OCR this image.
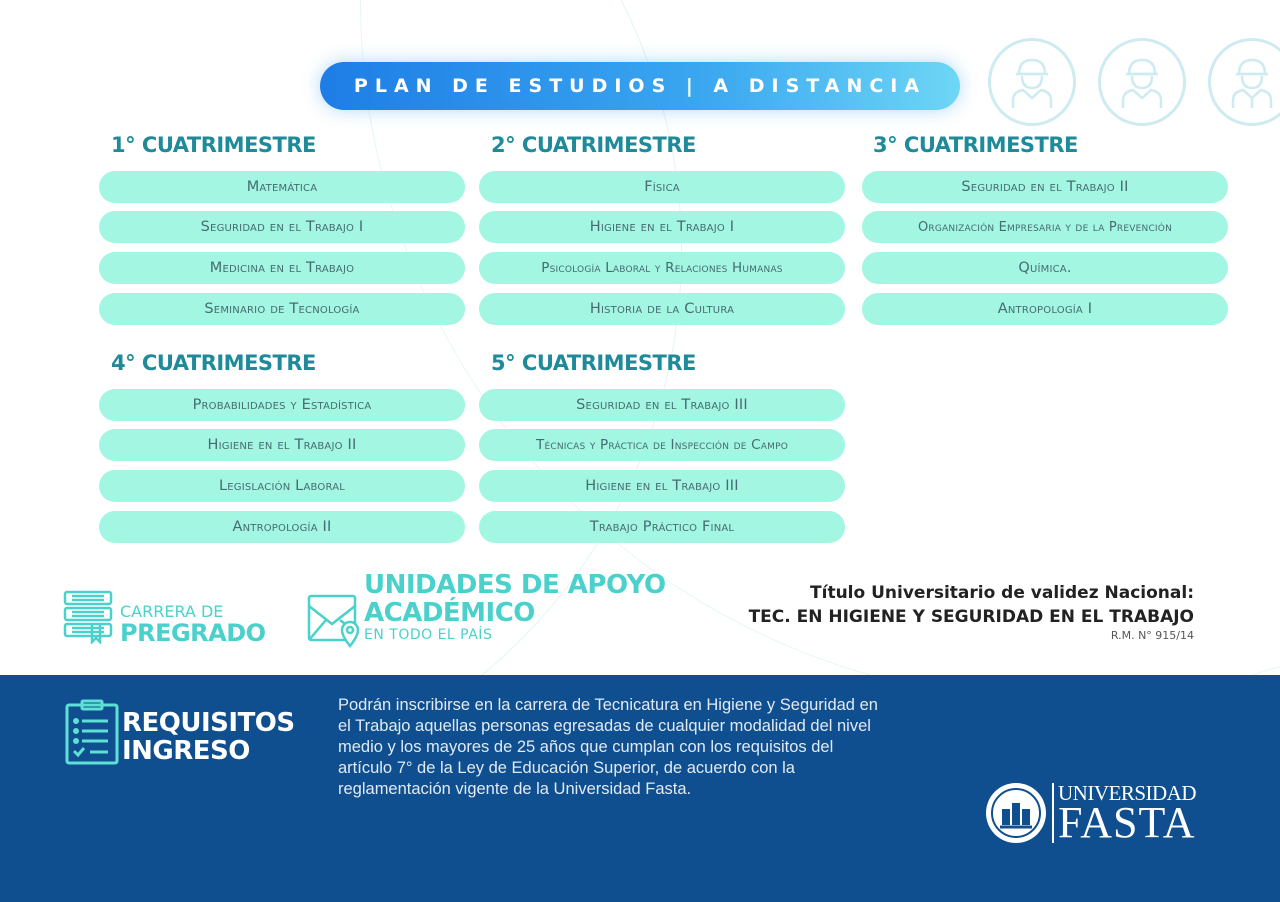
PLAN DE ESTUDIOS | A DISTANCIA
1° CUATRIMESTRE
Matemática
Seguridad en el Trabajo I
Medicina en el Trabajo
Seminario de Tecnología
2° CUATRIMESTRE
Física
Higiene en el Trabajo I
Psicología Laboral y Relaciones Humanas
Historia de la Cultura
3° CUATRIMESTRE
Seguridad en el Trabajo II
Organización Empresaria y de la Prevención
Química.
Antropología I
4° CUATRIMESTRE
Probabilidades y Estadística
Higiene en el Trabajo II
Legislación Laboral
Antropología II
5° CUATRIMESTRE
Seguridad en el Trabajo III
Técnicas y Práctica de Inspección de Campo
Higiene en el Trabajo III
Trabajo Práctico Final
CARRERA DE
PREGRADO
UNIDADES DE APOYO
ACADÉMICO
EN TODO EL PAÍS
Título Universitario de validez Nacional:
TEC. EN HIGIENE Y SEGURIDAD EN EL TRABAJO
R.M. N° 915/14
REQUISITOS
INGRESO
Podrán inscribirse en la carrera de Tecnicatura en Higiene y Seguridad en el Trabajo aquellas personas egresadas de cualquier modalidad del nivel medio y los mayores de 25 años que cumplan con los requisitos del artículo 7° de la Ley de Educación Superior, de acuerdo con la reglamentación vigente de la Universidad Fasta.	UNIVERSIDAD
FASTA
